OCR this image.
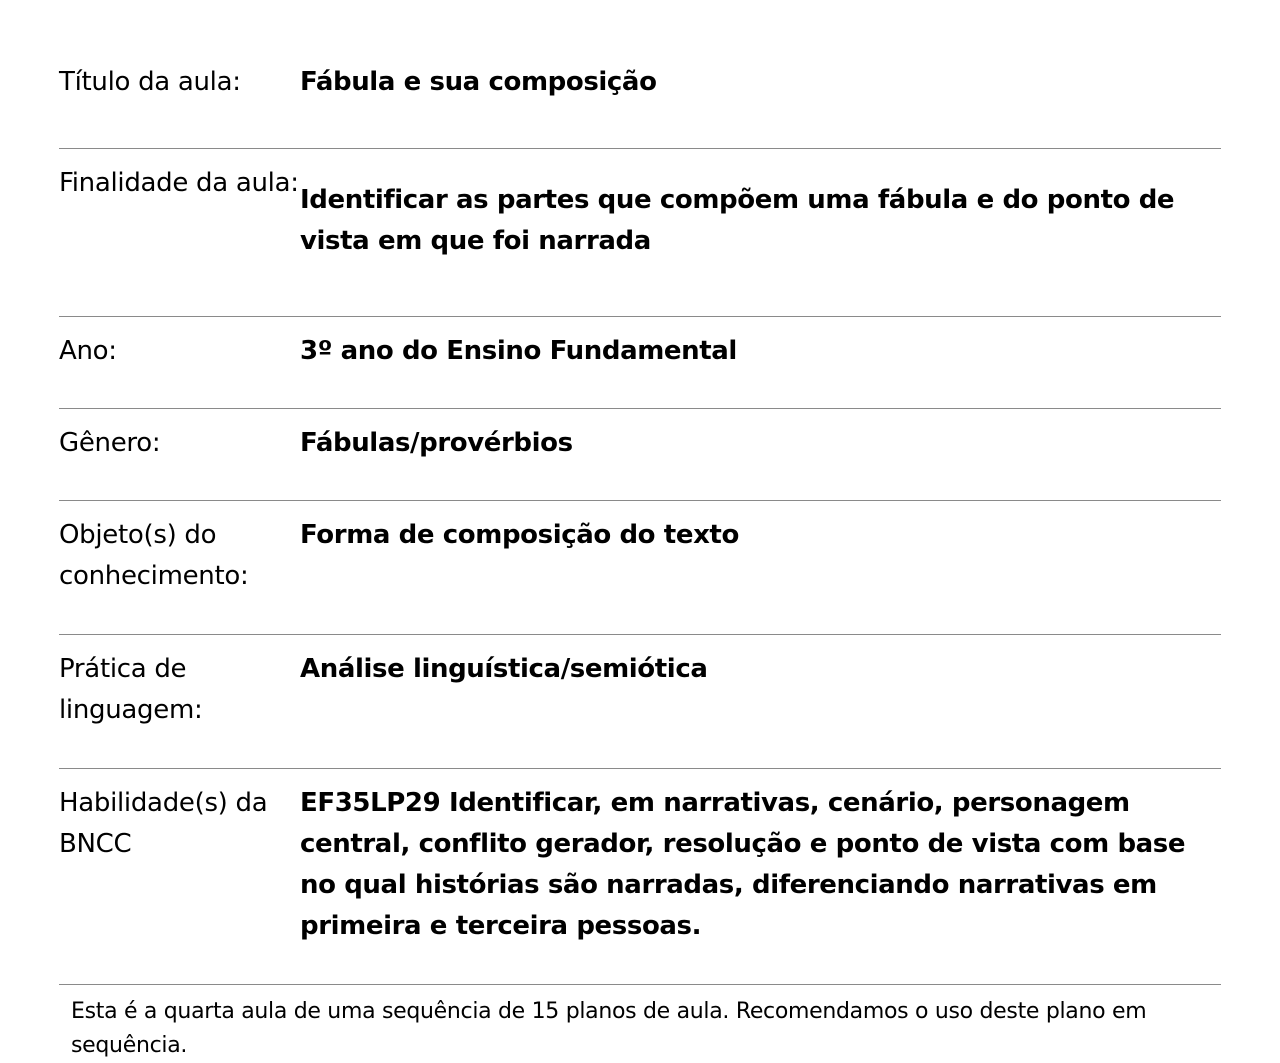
Título da aula:	Fábula e sua composição
Finalidade da aula:	Identificar as partes que compõem uma fábula e do ponto de vista em que foi narrada
Ano:	3º ano do Ensino Fundamental
Gênero:	Fábulas/provérbios
Objeto(s) do conhecimento:	Forma de composição do texto
Prática de linguagem:	Análise linguística/semiótica
Habilidade(s) da BNCC	EF35LP29 Identificar, em narrativas, cenário, personagem central, conflito gerador, resolução e ponto de vista com base no qual histórias são narradas, diferenciando narrativas em primeira e terceira pessoas.
Esta é a quarta aula de uma sequência de 15 planos de aula. Recomendamos o uso deste plano em sequência.
